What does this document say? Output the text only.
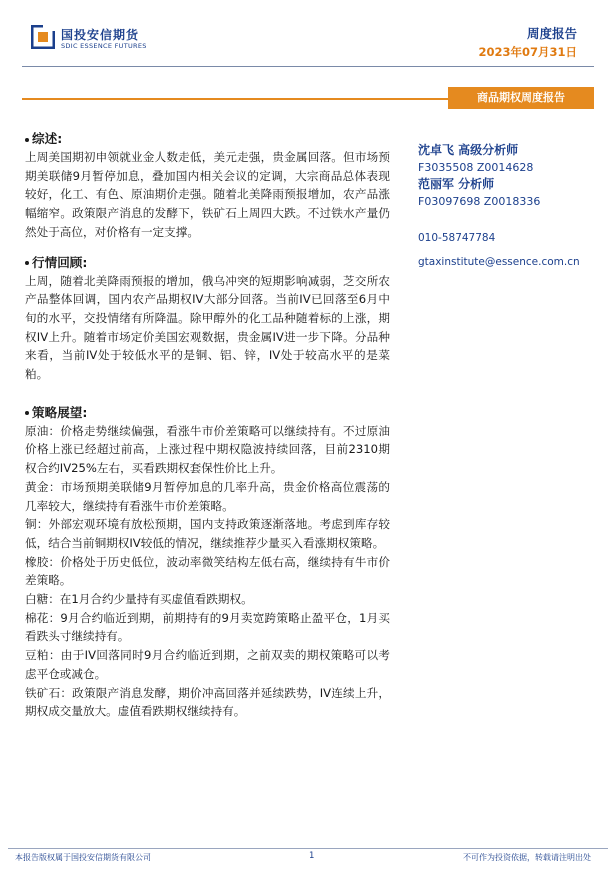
国投安信期货
SDIC ESSENCE FUTURES
周度报告
2023年07月31日
商品期权周度报告
综述:

上周美国期初申领就业金人数走低，美元走强，贵金属回落。但市场预期美联储9月暂停加息，叠加国内相关会议的定调，大宗商品总体表现较好，化工、有色、原油期价走强。随着北美降雨预报增加，农产品涨幅缩窄。政策限产消息的发酵下，铁矿石上周四大跌。不过铁水产量仍然处于高位，对价格有一定支撑。

行情回顾:

上周，随着北美降雨预报的增加，俄乌冲突的短期影响减弱，芝交所农产品整体回调，国内农产品期权IV大部分回落。当前IV已回落至6月中旬的水平，交投情绪有所降温。除甲醇外的化工品种随着标的上涨，期权IV上升。随着市场定价美国宏观数据，贵金属IV进一步下降。分品种来看，当前IV处于较低水平的是铜、铝、锌，IV处于较高水平的是菜粕。

策略展望:

原油：价格走势继续偏强，看涨牛市价差策略可以继续持有。不过原油价格上涨已经超过前高，上涨过程中期权隐波持续回落，目前2310期权合约IV25%左右，买看跌期权套保性价比上升。

黄金：市场预期美联储9月暂停加息的几率升高，贵金价格高位震荡的几率较大，继续持有看涨牛市价差策略。

铜：外部宏观环境有放松预期，国内支持政策逐渐落地。考虑到库存较低，结合当前铜期权IV较低的情况，继续推荐少量买入看涨期权策略。

橡胶：价格处于历史低位，波动率微笑结构左低右高，继续持有牛市价差策略。

白糖：在1月合约少量持有买虚值看跌期权。

棉花：9月合约临近到期，前期持有的9月卖宽跨策略止盈平仓，1月买看跌头寸继续持有。

豆粕：由于IV回落同时9月合约临近到期，之前双卖的期权策略可以考虑平仓或减仓。

铁矿石：政策限产消息发酵，期价冲高回落并延续跌势，IV连续上升，期权成交量放大。虚值看跌期权继续持有。

沈卓飞 高级分析师
F3035508 Z0014628
范丽军 分析师
F03097698 Z0018336
010-58747784
gtaxinstitute@essence.com.cn
本报告版权属于国投安信期货有限公司	1	不可作为投资依据，转载请注明出处
